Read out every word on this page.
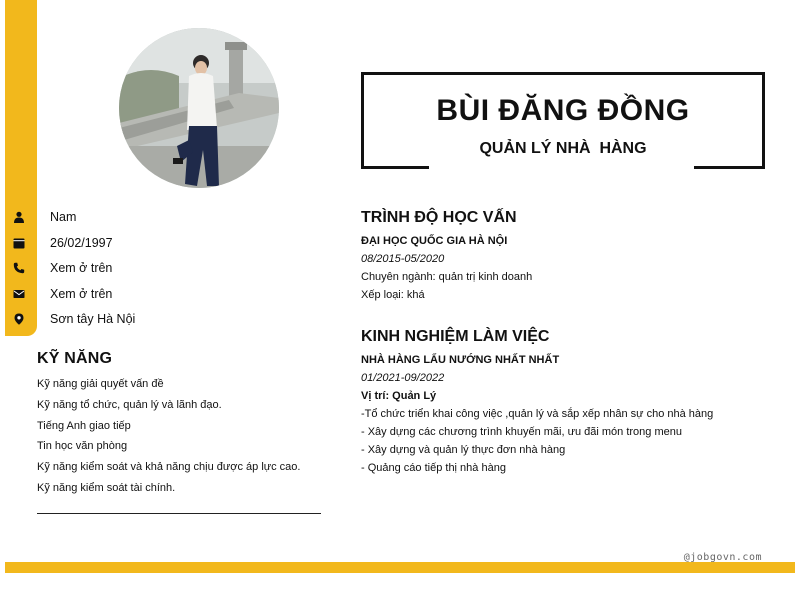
@jobgovn.com
Nam
26/02/1997
Xem ở trên
Xem ở trên
Sơn tây Hà Nội
KỸ NĂNG
Kỹ năng giải quyết vấn đề
Kỹ năng tổ chức, quản lý và lãnh đạo.
Tiếng Anh giao tiếp
Tin học văn phòng
Kỹ năng kiểm soát và khả năng chịu được áp lực cao.
Kỹ năng kiểm soát tài chính.
BÙI ĐĂNG ĐỒNG
QUẢN LÝ NHÀ  HÀNG
TRÌNH ĐỘ HỌC VẤN
ĐẠI HỌC QUỐC GIA HÀ NỘI
08/2015-05/2020
Chuyên ngành: quản trị kinh doanh
Xếp loại: khá
KINH NGHIỆM LÀM VIỆC
NHÀ HÀNG LẨU NƯỚNG NHẤT NHẤT
01/2021-09/2022
Vị trí: Quản Lý
-Tổ chức triển khai công việc ,quản lý và sắp xếp nhân sự cho nhà hàng
- Xây dựng các chương trình khuyến mãi, ưu đãi món trong menu
- Xây dựng và quản lý thực đơn nhà hàng
- Quảng cáo tiếp thị nhà hàng
